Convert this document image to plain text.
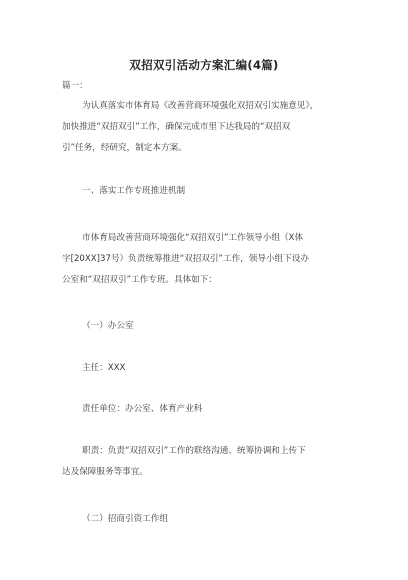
双招双引活动方案汇编(4篇)
篇一：
为认真落实市体育局《改善营商环境强化双招双引实施意见》，
加快推进“双招双引”工作，确保完成市里下达我局的“双招双
引”任务，经研究，制定本方案。
一、落实工作专班推进机制
市体育局改善营商环境强化“双招双引”工作领导小组（X体
字[20XX]37号）负责统筹推进“双招双引”工作，领导小组下设办
公室和“双招双引”工作专班。具体如下：
（一）办公室
主任：XXX
责任单位：办公室、体育产业科
职责：负责“双招双引”工作的联络沟通、统筹协调和上传下
达及保障服务等事宜。
（二）招商引资工作组
